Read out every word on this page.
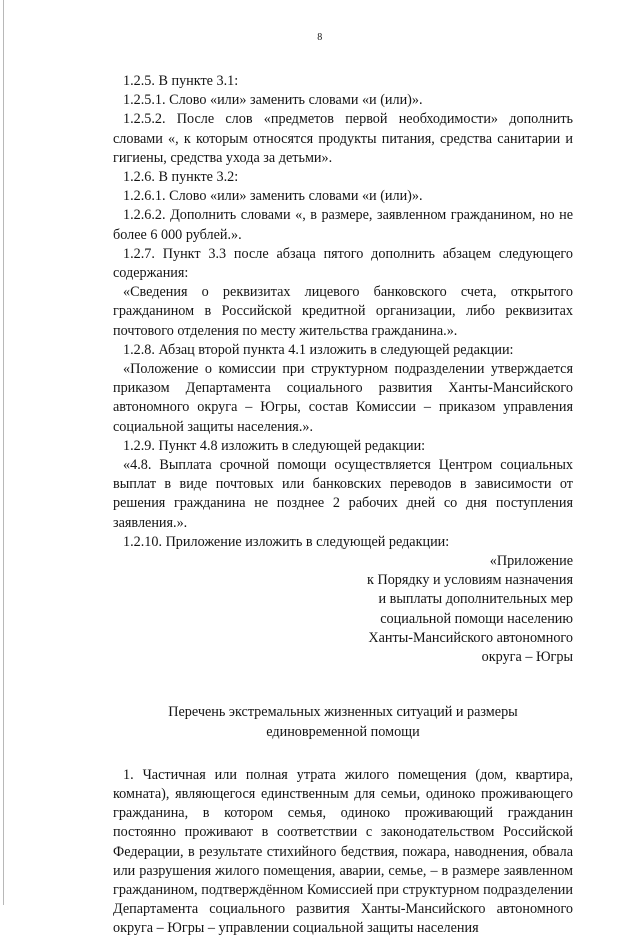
8

1.2.5. В пункте 3.1:

1.2.5.1. Слово «или» заменить словами «и (или)».

1.2.5.2. После слов «предметов первой необходимости» дополнить словами «, к которым относятся продукты питания, средства санитарии и гигиены, средства ухода за детьми».

1.2.6. В пункте 3.2:

1.2.6.1. Слово «или» заменить словами «и (или)».

1.2.6.2. Дополнить словами «, в размере, заявленном гражданином, но не более 6 000 рублей.».

1.2.7. Пункт 3.3 после абзаца пятого дополнить абзацем следующего содержания:

«Сведения о реквизитах лицевого банковского счета, открытого гражданином в Российской кредитной организации, либо реквизитах почтового отделения по месту жительства гражданина.».

1.2.8. Абзац второй пункта 4.1 изложить в следующей редакции:

«Положение о комиссии при структурном подразделении утверждается приказом Департамента социального развития Ханты-Мансийского автономного округа – Югры, состав Комиссии – приказом управления социальной защиты населения.».

1.2.9. Пункт 4.8 изложить в следующей редакции:

«4.8. Выплата срочной помощи осуществляется Центром социальных выплат в виде почтовых или банковских переводов в зависимости от решения гражданина не позднее 2 рабочих дней со дня поступления заявления.».

1.2.10. Приложение изложить в следующей редакции:

«Приложение
к Порядку и условиям назначения
и выплаты дополнительных мер
социальной помощи населению
Ханты-Мансийского автономного
округа – Югры
Перечень экстремальных жизненных ситуаций и размеры
единовременной помощи

1. Частичная или полная утрата жилого помещения (дом, квартира, комната), являющегося единственным для семьи, одиноко проживающего гражданина, в котором семья, одиноко проживающий гражданин постоянно проживают в соответствии с законодательством Российской Федерации, в результате стихийного бедствия, пожара, наводнения, обвала или разрушения жилого помещения, аварии, семье, – в размере заявленном гражданином, подтверждённом Комиссией при структурном подразделении Департамента социального развития Ханты-Мансийского автономного округа – Югры – управлении социальной защиты населения
